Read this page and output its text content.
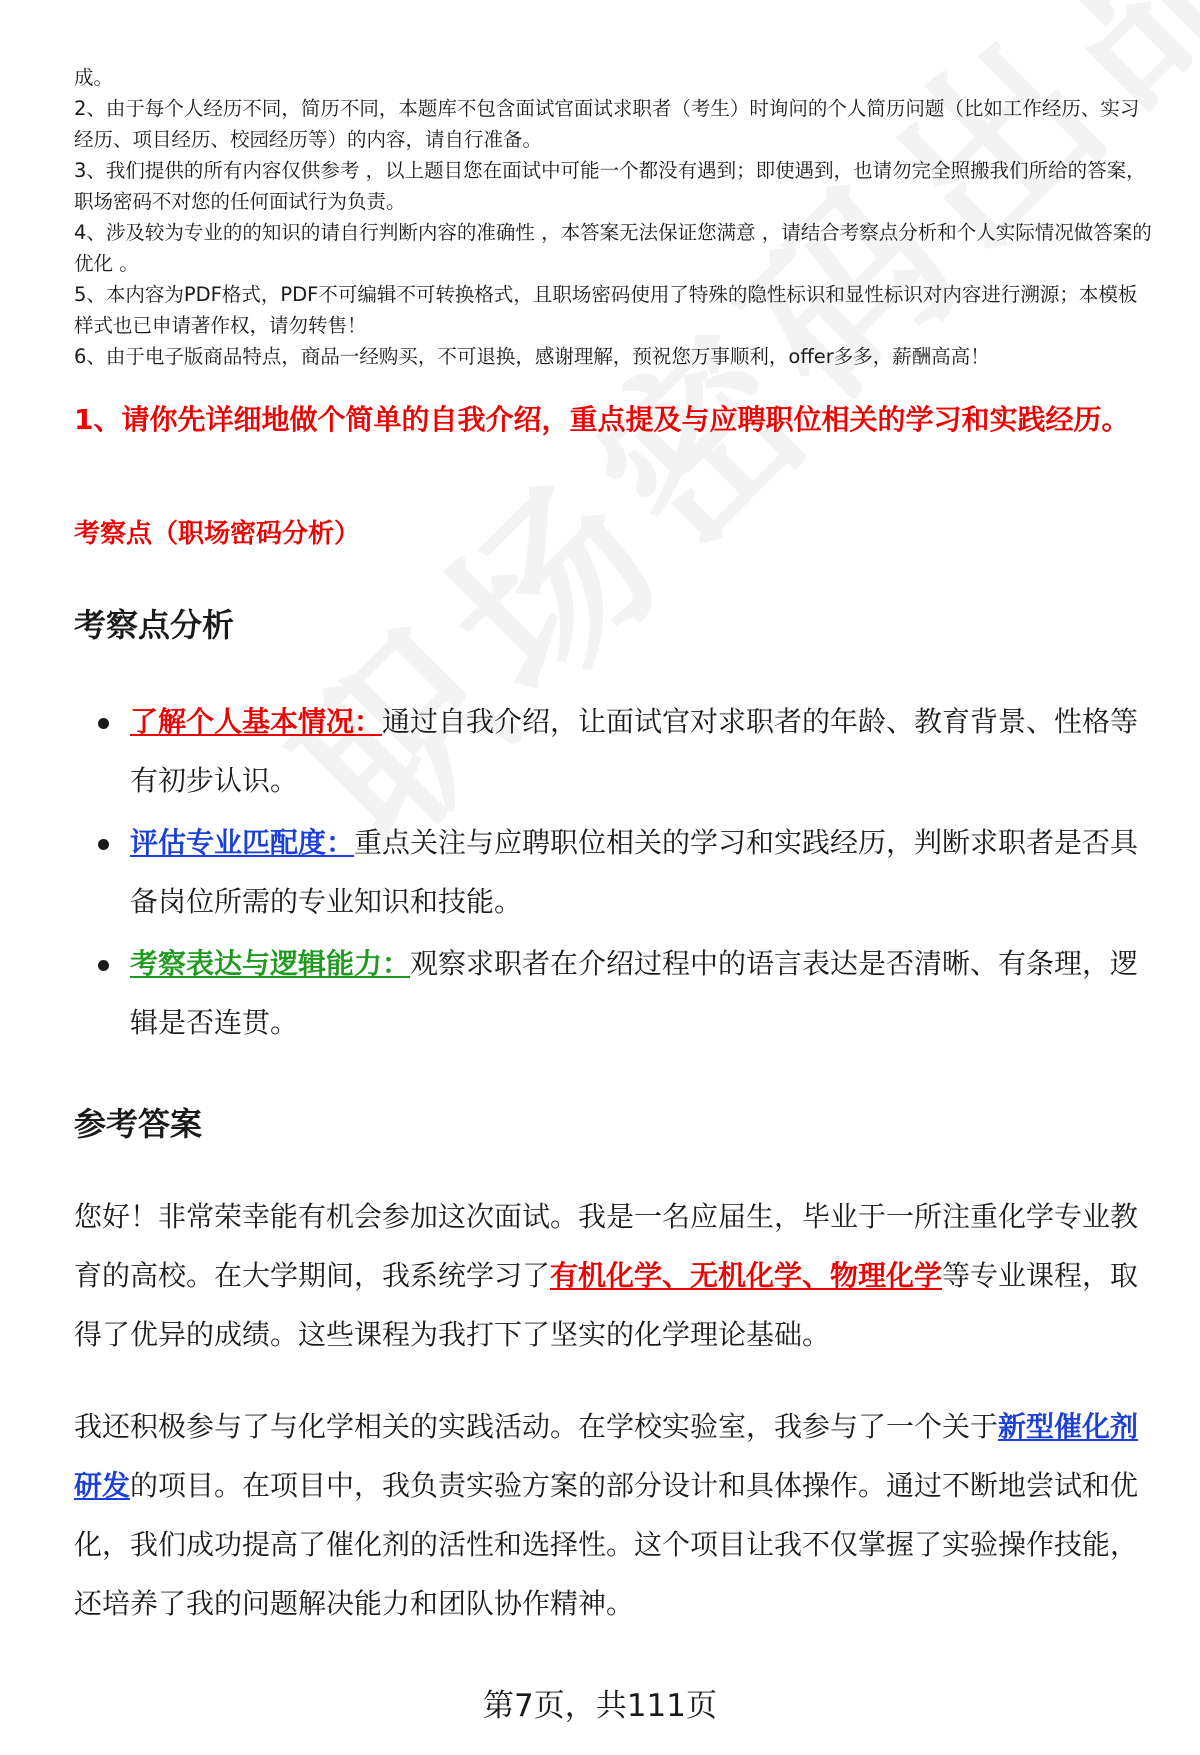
成。

2、由于每个人经历不同，简历不同，本题库不包含面试官面试求职者（考生）时询问的个人简历问题（比如工作经历、实习经历、项目经历、校园经历等）的内容，请自行准备。

3、我们提供的所有内容仅供参考 ，以上题目您在面试中可能一个都没有遇到；即使遇到，也请勿完全照搬我们所给的答案，职场密码不对您的任何面试行为负责。

4、涉及较为专业的的知识的请自行判断内容的准确性 ，本答案无法保证您满意 ，请结合考察点分析和个人实际情况做答案的优化 。

5、本内容为PDF格式，PDF不可编辑不可转换格式，且职场密码使用了特殊的隐性标识和显性标识对内容进行溯源；本模板样式也已申请著作权，请勿转售！

6、由于电子版商品特点，商品一经购买，不可退换，感谢理解，预祝您万事顺利，offer多多，薪酬高高！

1、请你先详细地做个简单的自我介绍，重点提及与应聘职位相关的学习和实践经历。

考察点（职场密码分析）

考察点分析
了解个人基本情况：通过自我介绍，让面试官对求职者的年龄、教育背景、性格等有初步认识。
评估专业匹配度：重点关注与应聘职位相关的学习和实践经历，判断求职者是否具备岗位所需的专业知识和技能。
考察表达与逻辑能力：观察求职者在介绍过程中的语言表达是否清晰、有条理，逻辑是否连贯。
参考答案

您好！非常荣幸能有机会参加这次面试。我是一名应届生，毕业于一所注重化学专业教育的高校。在大学期间，我系统学习了有机化学、无机化学、物理化学等专业课程，取得了优异的成绩。这些课程为我打下了坚实的化学理论基础。

我还积极参与了与化学相关的实践活动。在学校实验室，我参与了一个关于新型催化剂研发的项目。在项目中，我负责实验方案的部分设计和具体操作。通过不断地尝试和优化，我们成功提高了催化剂的活性和选择性。这个项目让我不仅掌握了实验操作技能，还培养了我的问题解决能力和团队协作精神。

第7页，共111页
